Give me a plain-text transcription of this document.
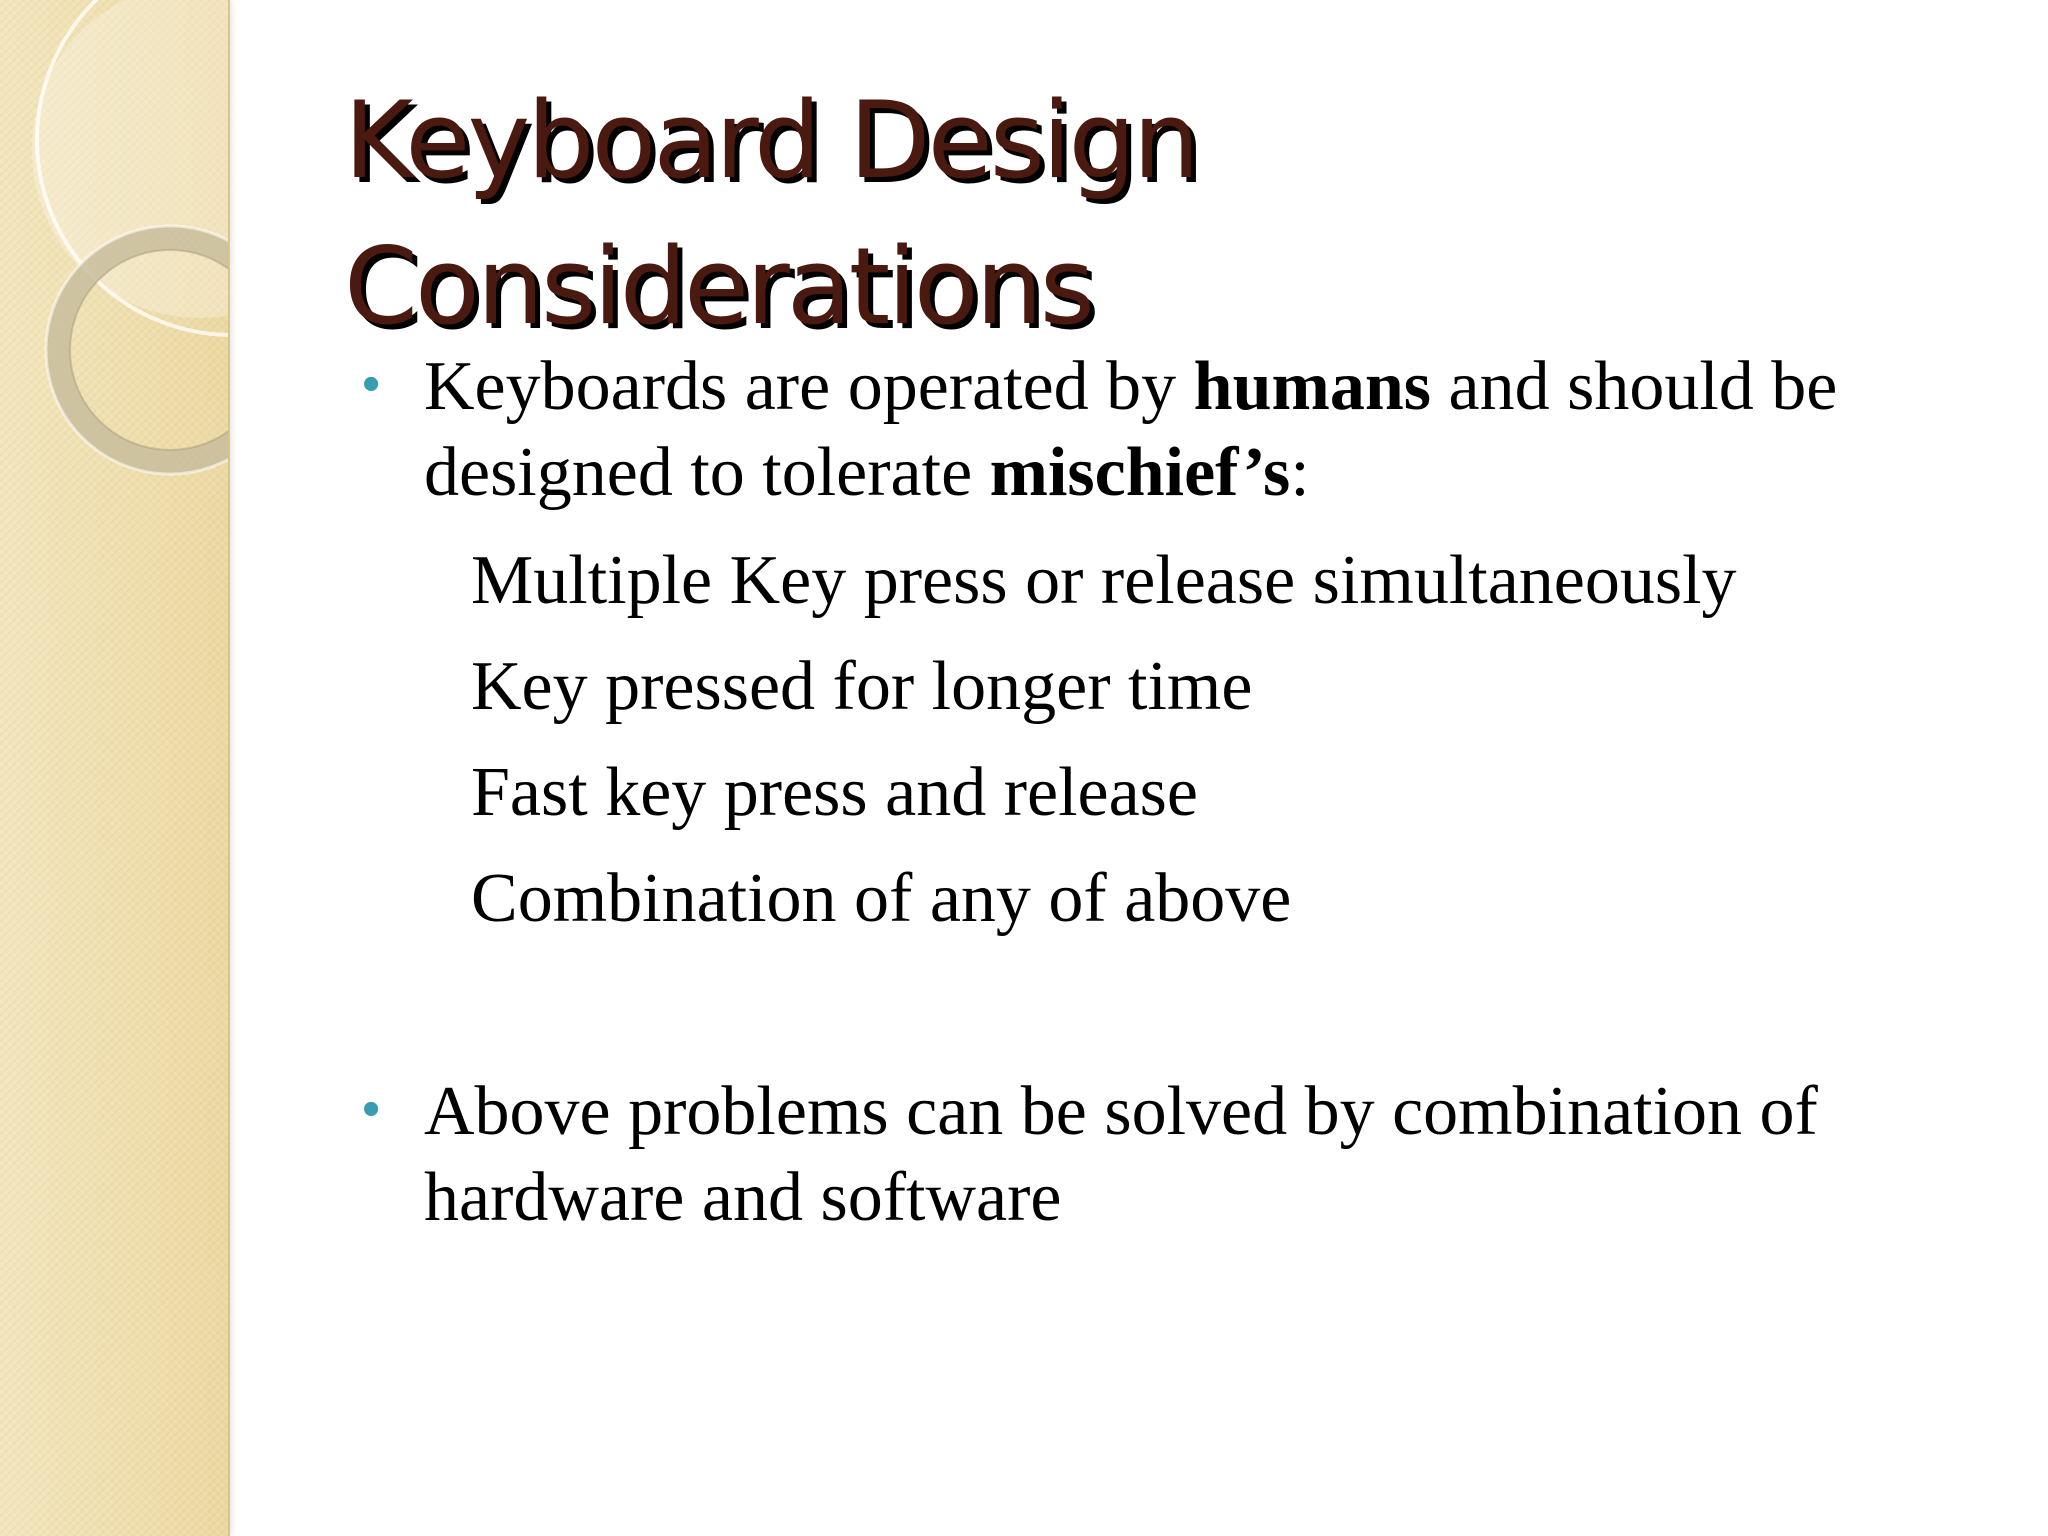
Keyboard Design
Considerations
• Keyboards are operated by humans and should be
designed to tolerate mischief’s:
Multiple Key press or release simultaneously
Key pressed for longer time
Fast key press and release
Combination of any of above
• Above problems can be solved by combination of
hardware and software
